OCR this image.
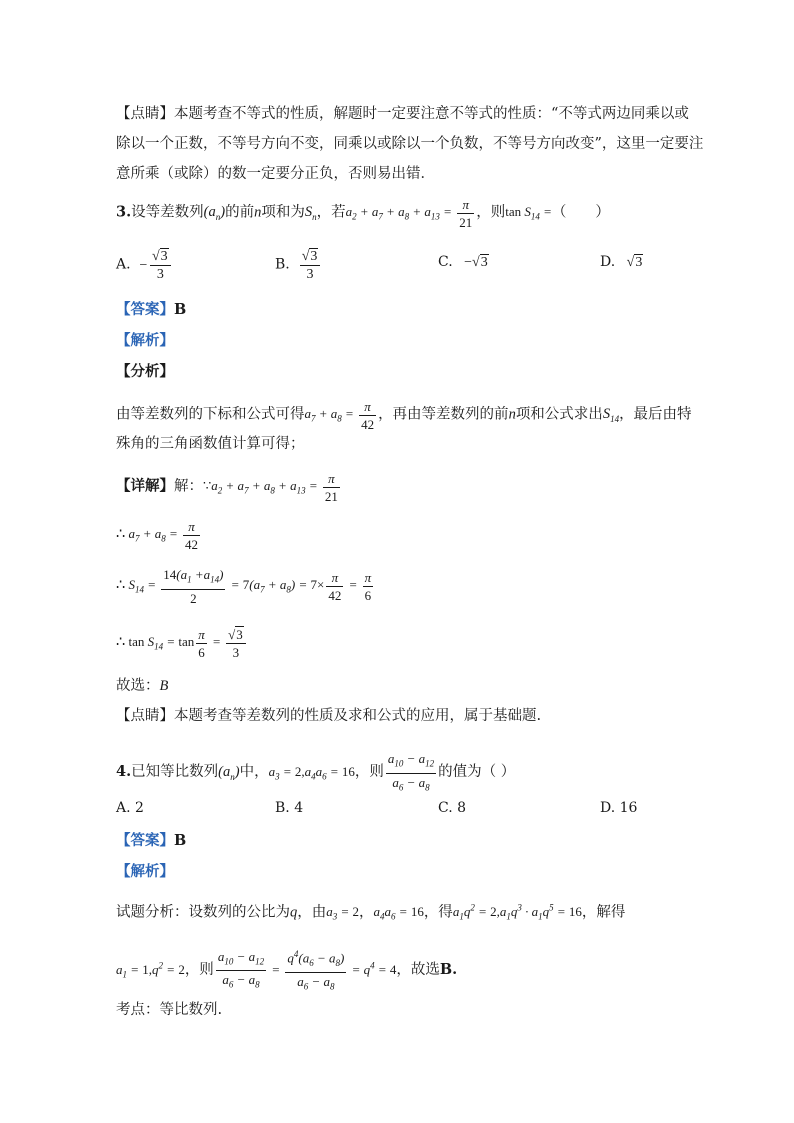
【点睛】本题考查不等式的性质，解题时一定要注意不等式的性质：“不等式两边同乘以或
除以一个正数，不等号方向不变，同乘以或除以一个负数，不等号方向改变”，这里一定要注
意所乘（或除）的数一定要分正负，否则易出错．
3.设等差数列$(a_n)$的前n项和为$S_n$，若$a_2 + a_7 + a_8 + a_{13} = \frac{\pi}{21}$ ，则$\tan S_{14}$ =（　　）
A.  − $\frac{√3}{3}$	B. $\frac{√3}{3}$	C.   −√3	D.   √3
【答案】B
【解析】
【分析】
由等差数列的下标和公式可得$a_7 + a_8 = \frac{\pi}{42}$ ，再由等差数列的前n项和公式求出$S_{14}$，最后由特
殊角的三角函数值计算可得；
【详解】解：$\because a_2 + a_7 + a_8 + a_{13} = \frac{\pi}{21}$
∴ $a_7 + a_8 = \frac{\pi}{42}$
∴ $S_{14} = \frac{14(a_1 +a_{14})}{2} = 7(a_7 + a_8) = 7\times \frac{\pi}{42} = \frac{\pi}{6}$
∴ $\tan S_{14} = \tan \frac{\pi}{6} = \frac{√3}{3}$
故选：B
【点睛】本题考查等差数列的性质及求和公式的应用，属于基础题.
4.已知等比数列$(a_n)$中，$a_3 = 2,a_4a_6 = 16$，则 $\frac{a_{10} - a_{12}}{a_6 - a_8}$ 的值为（ ）
A. 2	B. 4	C. 8	D. 16
【答案】B
【解析】
试题分析：设数列的公比为q，由$a_3 = 2$，$a_4a_6 = 16$，得$a_1q^2 = 2,a_1q^3 \cdot a_1q^5 = 16$，解得
$a_1 = 1,q^2 = 2$，则 $\frac{a_{10} - a_{12}}{a_6 - a_8} = \frac{q^4(a_6 - a_8)}{a_6 - a_8} = q^4 = 4$，故选B.
考点：等比数列.
